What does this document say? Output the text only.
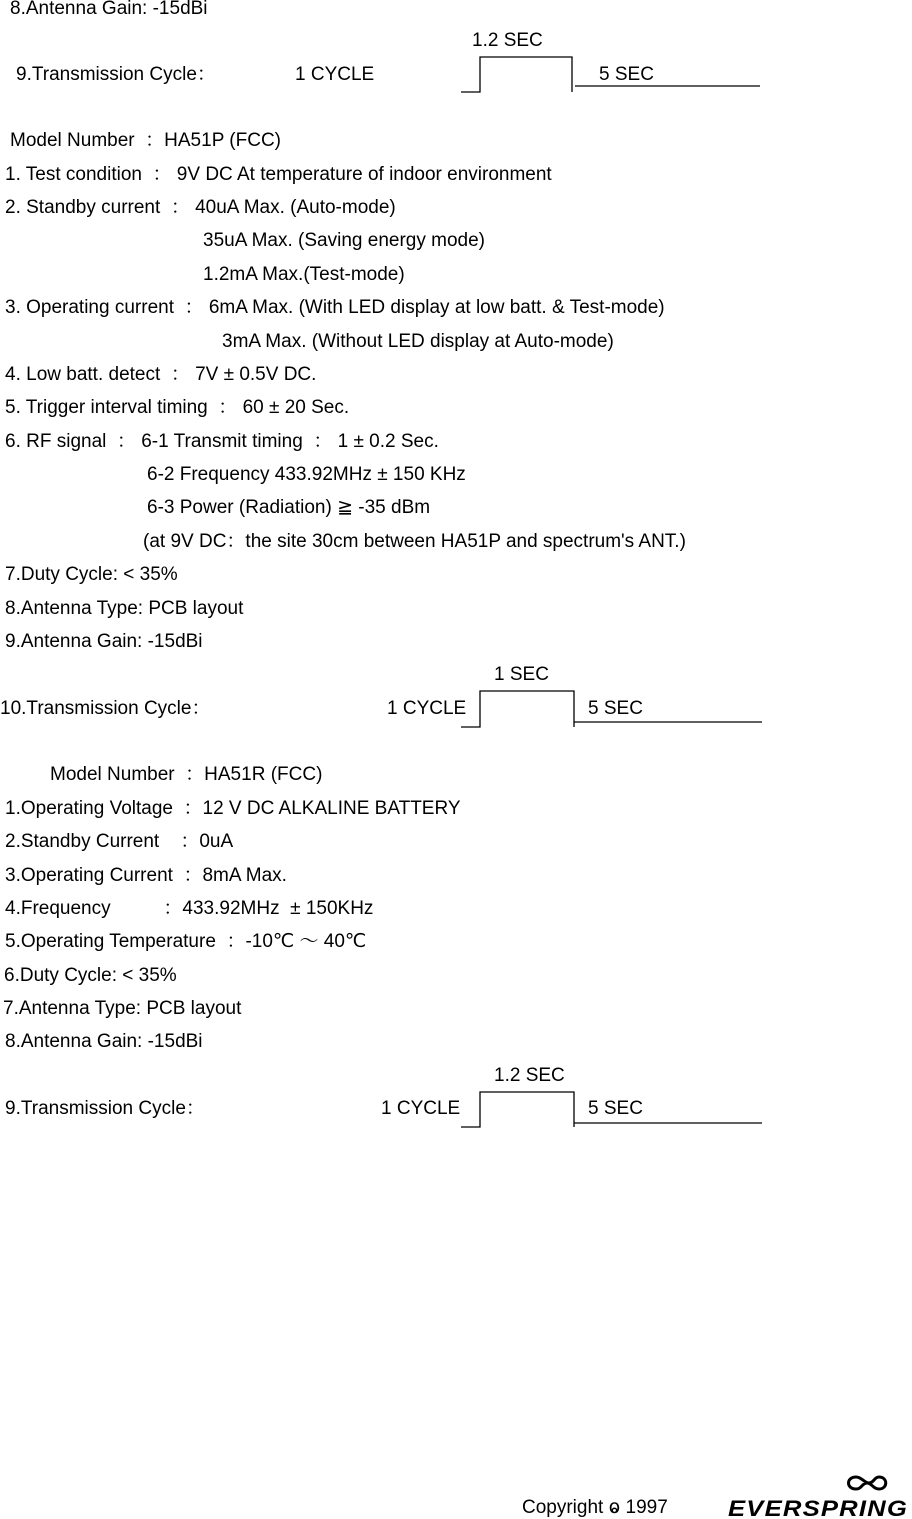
8.Antenna Gain: -15dBi
1.2 SEC
9.Transmission Cycle：	1 CYCLE	5 SEC
Model Number  ：HA51P (FCC)
1. Test condition  ： 9V DC At temperature of indoor environment
2. Standby current  ： 40uA Max. (Auto-mode)
35uA Max. (Saving energy mode)
1.2mA Max.(Test-mode)
3. Operating current  ： 6mA Max. (With LED display at low batt. & Test-mode)
3mA Max. (Without LED display at Auto-mode)
4. Low batt. detect  ： 7V ± 0.5V DC.
5. Trigger interval timing  ： 60 ± 20 Sec.
6. RF signal  ： 6-1 Transmit timing  ： 1 ± 0.2 Sec.
6-2 Frequency 433.92MHz ± 150 KHz
6-3 Power (Radiation) ≧ -35 dBm
(at 9V DC：the site 30cm between HA51P and spectrum's ANT.)
7.Duty Cycle: < 35%
8.Antenna Type: PCB layout
9.Antenna Gain: -15dBi
1 SEC
10.Transmission Cycle：	1 CYCLE	5 SEC
Model Number  ：HA51R (FCC)
1.Operating Voltage  ：12 V DC ALKALINE BATTERY
2.Standby Current    ：0uA
3.Operating Current  ：8mA Max.
4.Frequency          ：433.92MHz  ± 150KHz
5.Operating Temperature  ：-10℃ ～ 40℃
6.Duty Cycle: < 35%
7.Antenna Type: PCB layout
8.Antenna Gain: -15dBi
1.2 SEC
9.Transmission Cycle：	1 CYCLE	5 SEC
Copyright ⱺ 1997	EVERSPRING
